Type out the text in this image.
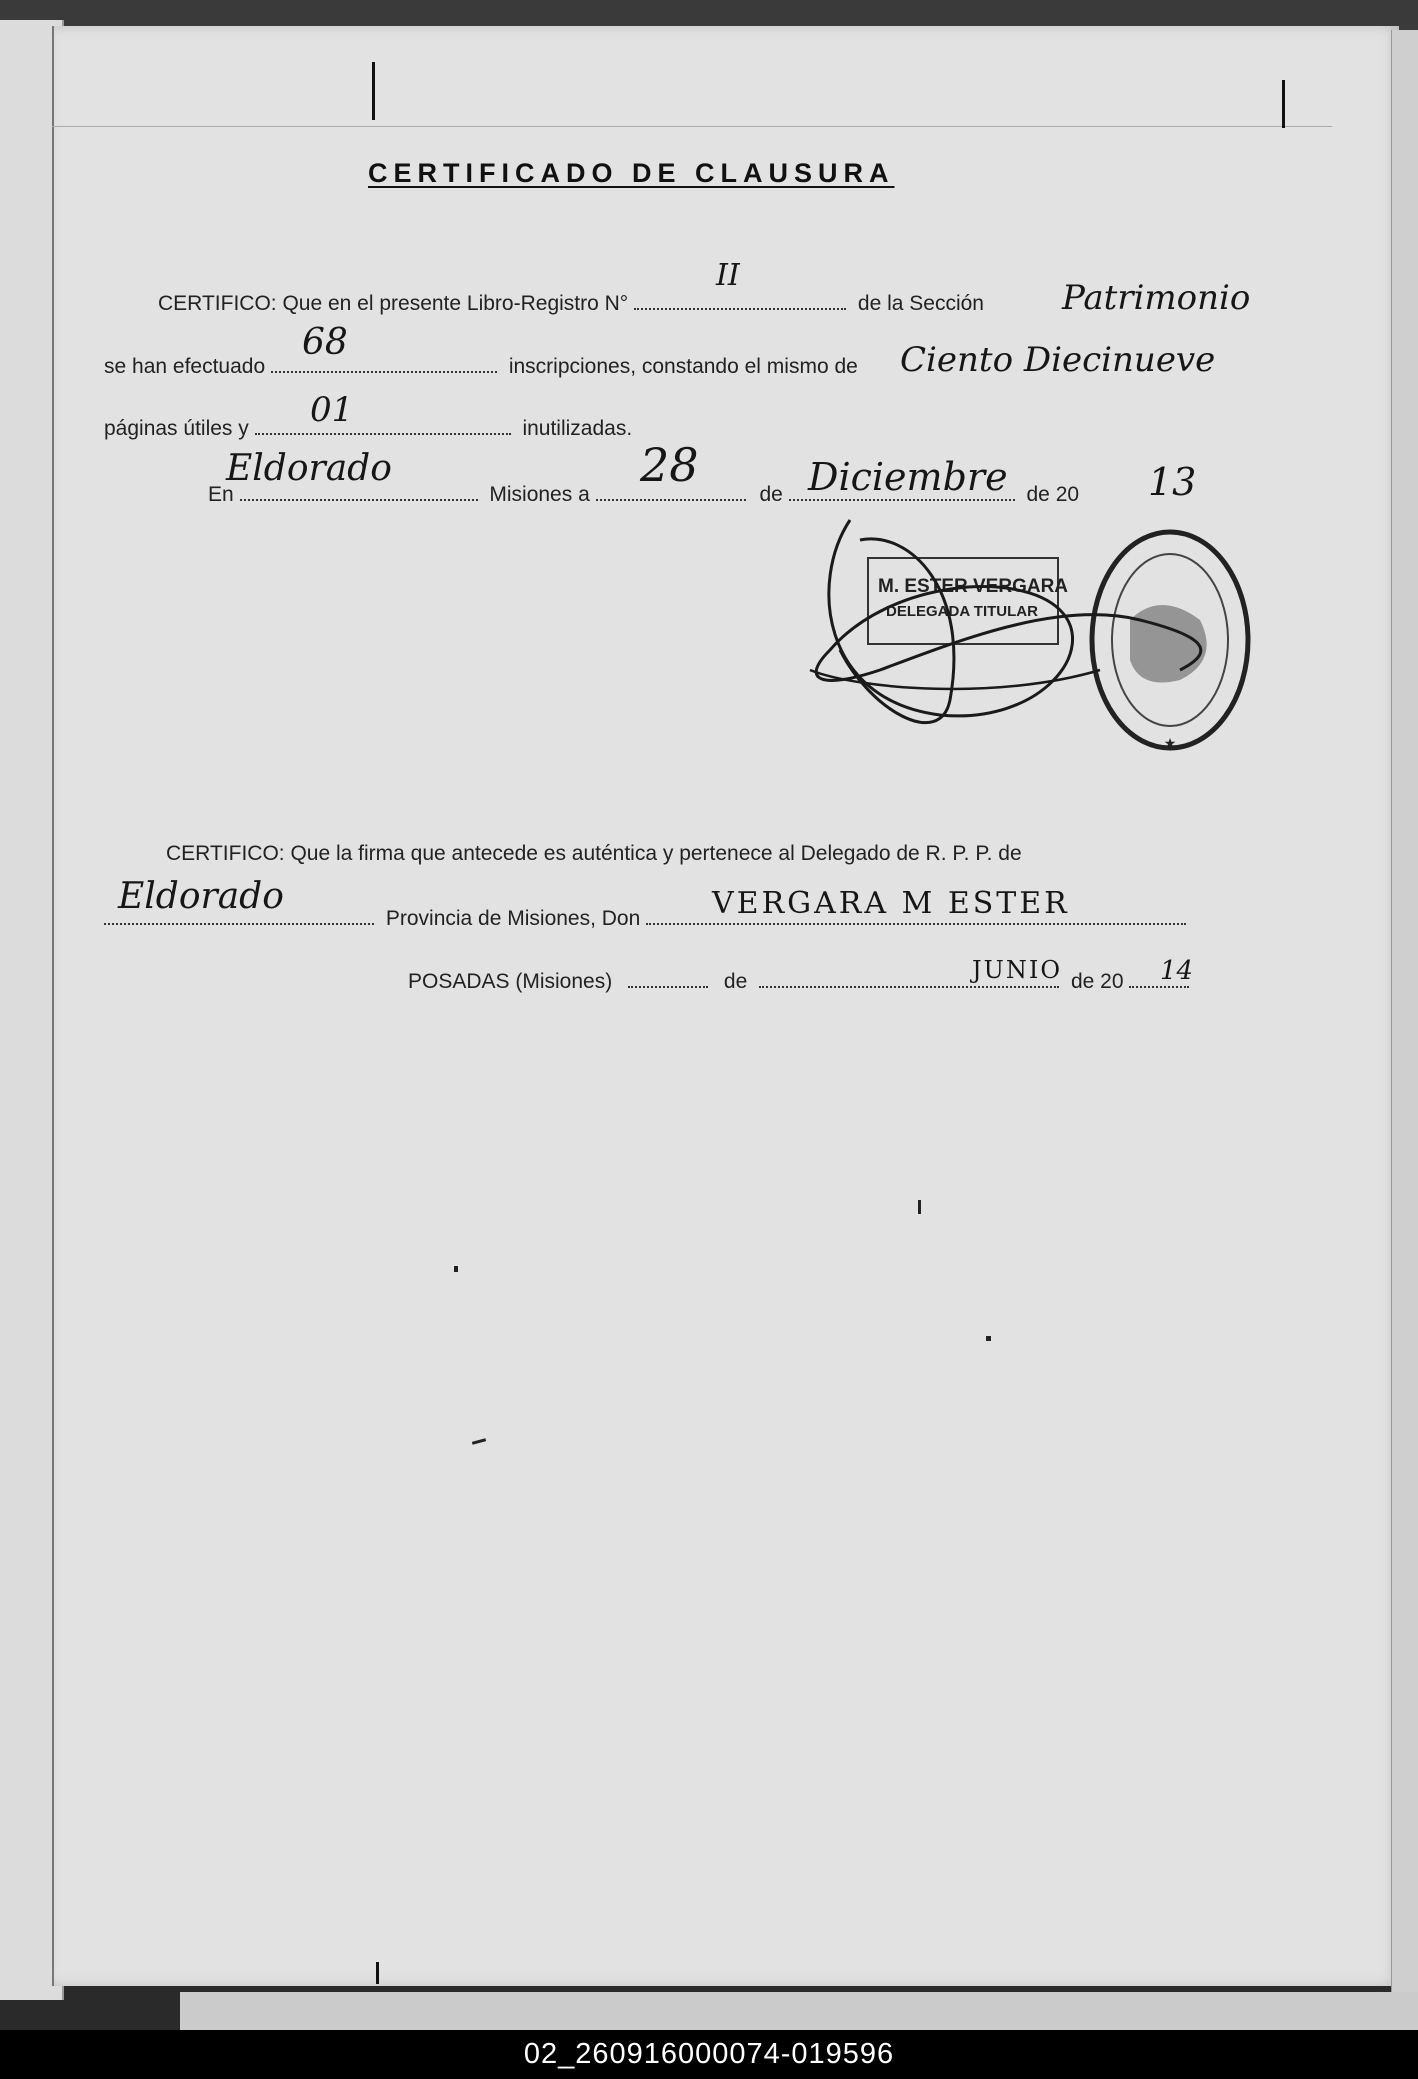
CERTIFICADO DE CLAUSURA
CERTIFICO: Que en el presente Libro-Registro N°	de la Sección
II
Patrimonio
se han efectuado	inscripciones, constando el mismo de
68	Ciento Diecinueve
páginas útiles y	inutilizadas.
01
En	Misiones a	de	de 20
Eldorado	28	Diciembre	13
M. ESTER VERGARA
DELEGADA TITULAR
★
CERTIFICO: Que la firma que antecede es auténtica y pertenece al Delegado de R. P. P. de
Provincia de Misiones, Don
Eldorado	VERGARA M ESTER
POSADAS (Misiones)	de	de 20
JUNIO	14
02_260916000074-019596
